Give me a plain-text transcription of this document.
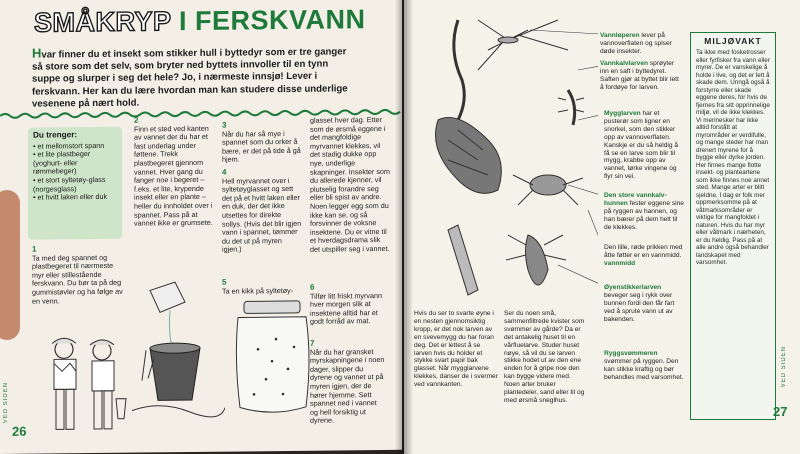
SMÅKRYP I FERSKVANN

Hvar finner du et insekt som stikker hull i byttedyr som er tre ganger så store som det selv, som bryter ned byttets innvoller til en tynn suppe og slurper i seg det hele? Jo, i nærmeste innsjø! Lever i ferskvann. Her kan du lære hvordan man kan studere disse underlige vesenene på nært hold.

Du trenger:
• et mellomstort spann
• et lite plastbeger (yoghurt- eller rømmebeger)
• et stort syltetøy-glass (norgesglass)
• et hvitt laken eller duk
1
Ta med deg spannet og plastbegeret til nærmeste myr eller stillestående ferskvann. Du bør ta på deg gummistøvler og ha følge av en venn.
2
Finn et sted ved kanten av vannet der du har et fast underlag under føttene. Trekk plastbegeret gjennom vannet. Hver gang du fanger noe i begeret – f.eks. et lite, krypende insekt eller en plante – heller du innholdet over i spannet. Pass på at vannet ikke er grumsete.
3
Når du har så mye i spannet som du orker å bære, er det på tide å gå hjem.
4
Hell myrvannet over i syltetøyglasset og sett det på et hvitt laken eller en duk, der det ikke utsettes for direkte sollys. (Hvis det blir igjen vann i spannet, tømmer du det ut på myren igjen.)
5
Ta en kikk på syltetøy-
glasset hver dag. Etter som de ørsmå eggene i det mangfoldige myrvannet klekkes, vil det stadig dukke opp nye, underlige skapninger. Insekter som du allerede kjenner, vil plutselig forandre seg eller bli spist av andre. Noen legger egg som du ikke kan se, og så forsvinner de voksne insektene. Du er vitne til et hverdagsdrama slik det utspiller seg i vannet.
6
Tilfør litt friskt myrvann hver morgen slik at insektene alltid har et godt forråd av mat.
7
Når du har gransket myrskapningene i noen dager, slipper du dyrene og vannet ut på myren igjen, der de hører hjemme. Sett spannet ned i vannet og hell forsiktig ut dyrene.
26
VED SIDEN
Vannløperen lever på vannoverflaten og spiser døde insekter.
Vannkalvlarven sprøyter inn en saft i byttedyret. Saften gjør at byttet blir lett å fordøye for larven.
Mygglarven har et pusterør som ligner en snorkel, som den stikker opp av vannoverflaten. Kanskje er du så heldig å få se en larve som blir til mygg, krabbe opp av vannet, tørke vingene og flyr sin vei.
Den store vannkalv-hunnen fester eggene sine på ryggen av hannen, og han bærer på dem helt til de klekkes.
Den lille, røde prikken med åtte føtter er en vannmidd. vannmidd
Øyenstikkerlarven beveger seg i rykk over bunnen fordi den får fart ved å sprute vann ut av bakenden.
Ryggsvømmeren svømmer på ryggen. Den kan stikke kraftig og bør behandles med varsomhet.
Hvis du ser to svarte øyne i en nesten gjennomsiktig kropp, er det nok larven av en svevemygg du har foran deg. Det er lettest å se larven hvis du holder et stykke svart papir bak glasset. Når mygglarvene klekkes, danser de i svermer ved vannkanten.
Ser du noen små, sammenfiltrede kvister som svømmer av gårde? Da er det antakelig huset til en vårfluelarve. Studer huset nøye, så vil du se larven stikke hodet ut av den ene enden for å gripe noe den kan bygge videre med. Noen arter bruker plantedeler, sand eller til og med ørsmå sneglhus.
MILJØVAKT

Ta ikke med fosketrosser eller fyrfisker fra vann eller myrer. De er vanskelige å holde i live, og det er lett å skade dem. Unngå også å forstyrre eller skade eggene deres, for hvis de fjernes fra sitt opprinnelige miljø, vil de ikke klekkes. Vi mennesker har ikke alltid forstått at myrområder er verdifulle, og mange steder har man drenert myrene for å bygge eller dyrke jorden. Her finnes mange flotte insekt- og planteartene som ikke finnes noe annet sted. Mange arter er blitt sjeldne. I dag er folk mer oppmerksomme på at våtmarksområder er viktige for mangfoldet i naturen. Hvis du har myr eller våtmark i nærheten, er du heldig. Pass på at alle andre også behandler landskapet med varsomhet.

27
VED SIDEN
